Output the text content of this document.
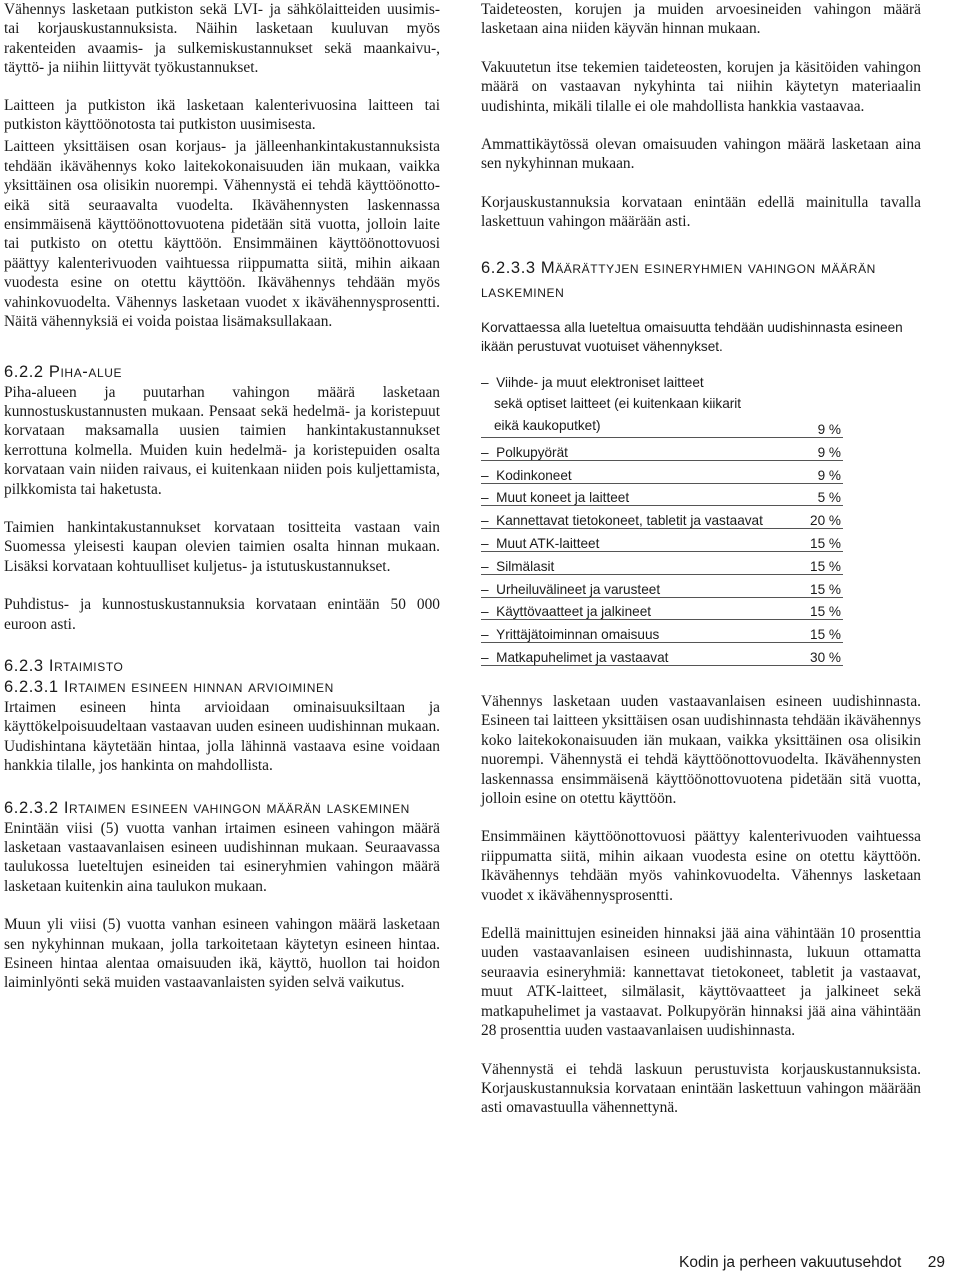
Vähennys lasketaan putkiston sekä LVI- ja sähkölaitteiden uusimis- tai korjauskustannuksista. Näihin lasketaan kuuluvan myös rakenteiden avaamis- ja sulkemiskustannukset sekä maankaivu-, täyttö- ja niihin liittyvät työkustannukset.

Laitteen ja putkiston ikä lasketaan kalenterivuosina laitteen tai putkiston käyttöönotosta tai putkiston uusimisesta.

Laitteen yksittäisen osan korjaus- ja jälleenhankintakustannuksista tehdään ikävähennys koko laitekokonaisuuden iän mukaan, vaikka yksittäinen osa olisikin nuorempi. Vähennystä ei tehdä käyttöönotto- eikä sitä seuraavalta vuodelta. Ikävähennysten laskennassa ensimmäisenä käyttöönottovuotena pidetään sitä vuotta, jolloin laite tai putkisto on otettu käyttöön. Ensimmäinen käyttöönottovuosi päättyy kalenterivuoden vaihtuessa riippumatta siitä, mihin aikaan vuodesta esine on otettu käyttöön. Ikävähennys tehdään myös vahinkovuodelta. Vähennys lasketaan vuodet x ikävähennysprosentti. Näitä vähennyksiä ei voida poistaa lisämaksullakaan.

6.2.2 Piha-alue

Piha-alueen ja puutarhan vahingon määrä lasketaan kunnostuskustannusten mukaan. Pensaat sekä hedelmä- ja koristepuut korvataan maksamalla uusien taimien hankintakustannukset kerrottuna kolmella. Muiden kuin hedelmä- ja koristepuiden osalta korvataan vain niiden raivaus, ei kuitenkaan niiden pois kuljettamista, pilkkomista tai haketusta.

Taimien hankintakustannukset korvataan tositteita vastaan vain Suomessa yleisesti kaupan olevien taimien osalta hinnan mukaan. Lisäksi korvataan kohtuulliset kuljetus- ja istutuskustannukset.

Puhdistus- ja kunnostuskustannuksia korvataan enintään 50 000 euroon asti.

6.2.3 Irtaimisto
6.2.3.1 Irtaimen esineen hinnan arvioiminen

Irtaimen esineen hinta arvioidaan ominaisuuksiltaan ja käyttökelpoisuudeltaan vastaavan uuden esineen uudishinnan mukaan. Uudishintana käytetään hintaa, jolla lähinnä vastaava esine voidaan hankkia tilalle, jos hankinta on mahdollista.

6.2.3.2 Irtaimen esineen vahingon määrän laskeminen

Enintään viisi (5) vuotta vanhan irtaimen esineen vahingon määrä lasketaan vastaavanlaisen esineen uudishinnan mukaan. Seuraavassa taulukossa lueteltujen esineiden tai esineryhmien vahingon määrä lasketaan kuitenkin aina taulukon mukaan.

Muun yli viisi (5) vuotta vanhan esineen vahingon määrä lasketaan sen nykyhinnan mukaan, jolla tarkoitetaan käytetyn esineen hintaa. Esineen hintaa alentaa omaisuuden ikä, käyttö, huollon tai hoidon laiminlyönti sekä muiden vastaavanlaisten syiden selvä vaikutus.

Taideteosten, korujen ja muiden arvoesineiden vahingon määrä lasketaan aina niiden käyvän hinnan mukaan.

Vakuutetun itse tekemien taideteosten, korujen ja käsitöiden vahingon määrä on vastaavan nykyhinta tai niihin käytetyn materiaalin uudishinta, mikäli tilalle ei ole mahdollista hankkia vastaavaa.

Ammattikäytössä olevan omaisuuden vahingon määrä lasketaan aina sen nykyhinnan mukaan.

Korjauskustannuksia korvataan enintään edellä mainitulla tavalla laskettuun vahingon määrään asti.

6.2.3.3 Määrättyjen esineryhmien vahingon määrän laskeminen

Korvattaessa alla lueteltua omaisuutta tehdään uudishinnasta esineen ikään perustuvat vuotuiset vähennykset.

– Viihde- ja muut elektroniset laitteet
sekä optiset laitteet (ei kuitenkaan kiikarit
eikä kaukoputket)	9 %
– Polkupyörät	9 %
– Kodinkoneet	9 %
– Muut koneet ja laitteet	5 %
– Kannettavat tietokoneet, tabletit ja vastaavat	20 %
– Muut ATK-laitteet	15 %
– Silmälasit	15 %
– Urheiluvälineet ja varusteet	15 %
– Käyttövaatteet ja jalkineet	15 %
– Yrittäjätoiminnan omaisuus	15 %
– Matkapuhelimet ja vastaavat	30 %

Vähennys lasketaan uuden vastaavanlaisen esineen uudishinnasta. Esineen tai laitteen yksittäisen osan uudishinnasta tehdään ikävähennys koko laitekokonaisuuden iän mukaan, vaikka yksittäinen osa olisikin nuorempi. Vähennystä ei tehdä käyttöönottovuodelta. Ikävähennysten laskennassa ensimmäisenä käyttöönottovuotena pidetään sitä vuotta, jolloin esine on otettu käyttöön.

Ensimmäinen käyttöönottovuosi päättyy kalenterivuoden vaihtuessa riippumatta siitä, mihin aikaan vuodesta esine on otettu käyttöön. Ikävähennys tehdään myös vahinkovuodelta. Vähennys lasketaan vuodet x ikävähennysprosentti.

Edellä mainittujen esineiden hinnaksi jää aina vähintään 10 prosenttia uuden vastaavanlaisen esineen uudishinnasta, lukuun ottamatta seuraavia esineryhmiä: kannettavat tietokoneet, tabletit ja vastaavat, muut ATK-laitteet, silmälasit, käyttövaatteet ja jalkineet sekä matkapuhelimet ja vastaavat. Polkupyörän hinnaksi jää aina vähintään 28 prosenttia uuden vastaavanlaisen uudishinnasta.

Vähennystä ei tehdä laskuun perustuvista korjauskustannuksista. Korjauskustannuksia korvataan enintään laskettuun vahingon määrään asti omavastuulla vähennettynä.

Kodin ja perheen vakuutusehdot 29
